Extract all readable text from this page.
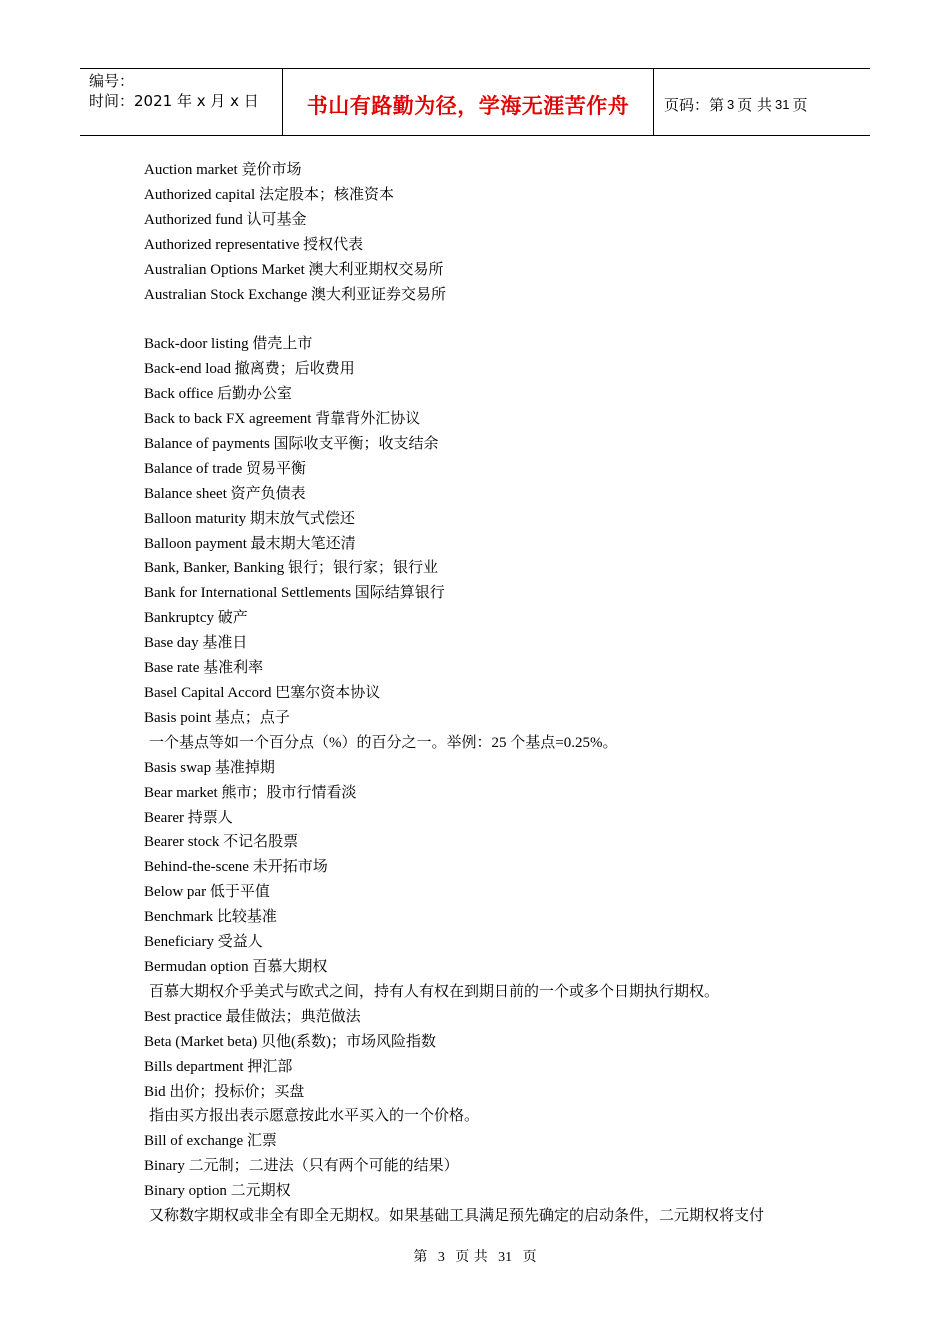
编号：
时间：2021 年 x 月 x 日	书山有路勤为径，学海无涯苦作舟 页码：第 3 页 共 31 页
Auction market 竞价市场
Authorized capital 法定股本；核准资本
Authorized fund 认可基金
Authorized representative 授权代表
Australian Options Market 澳大利亚期权交易所
Australian Stock Exchange 澳大利亚证券交易所
Back-door listing 借壳上市
Back-end load 撤离费；后收费用
Back office 后勤办公室
Back to back FX agreement 背靠背外汇协议
Balance of payments 国际收支平衡；收支结余
Balance of trade 贸易平衡
Balance sheet 资产负债表
Balloon maturity 期末放气式偿还
Balloon payment 最末期大笔还清
Bank, Banker, Banking 银行；银行家；银行业
Bank for International Settlements 国际结算银行
Bankruptcy 破产
Base day 基准日
Base rate 基准利率
Basel Capital Accord 巴塞尔资本协议
Basis point 基点；点子
一个基点等如一个百分点（%）的百分之一。举例：25 个基点=0.25%。
Basis swap 基准掉期
Bear market 熊市；股市行情看淡
Bearer 持票人
Bearer stock 不记名股票
Behind-the-scene 未开拓市场
Below par 低于平值
Benchmark 比较基准
Beneficiary 受益人
Bermudan option 百慕大期权
百慕大期权介乎美式与欧式之间，持有人有权在到期日前的一个或多个日期执行期权。
Best practice 最佳做法；典范做法
Beta (Market beta) 贝他(系数)；市场风险指数
Bills department 押汇部
Bid 出价；投标价；买盘
指由买方报出表示愿意按此水平买入的一个价格。
Bill of exchange 汇票
Binary 二元制；二进法（只有两个可能的结果）
Binary option 二元期权
又称数字期权或非全有即全无期权。如果基础工具满足预先确定的启动条件，二元期权将支付
第 3 页 共 31 页
